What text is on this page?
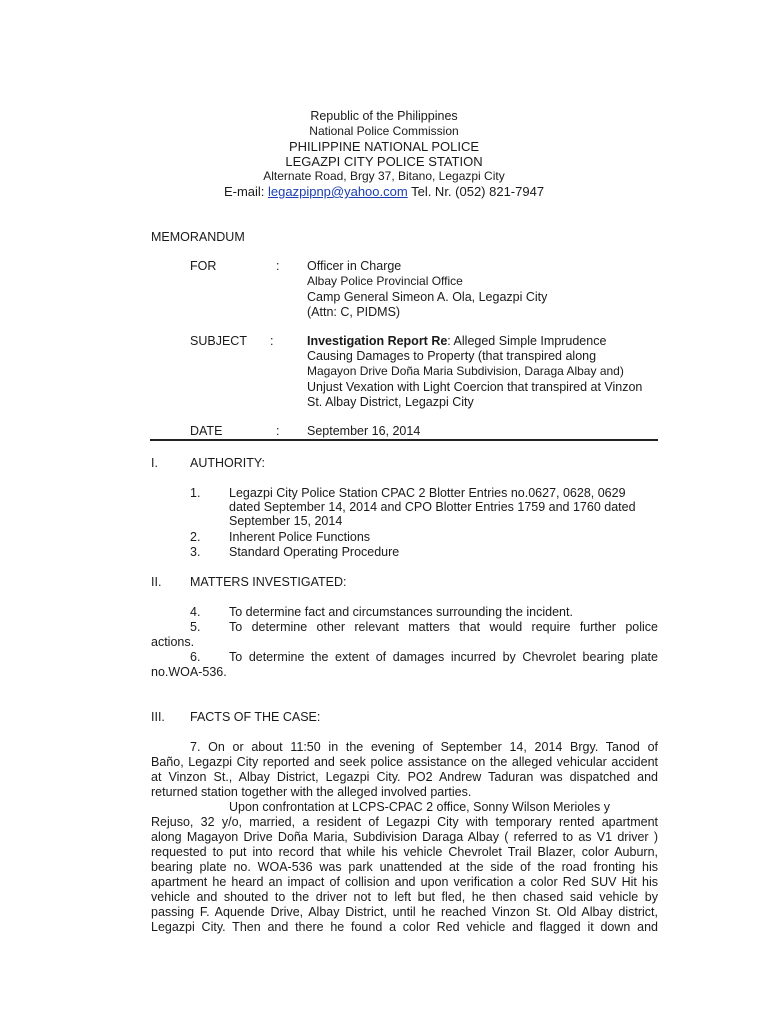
Republic of the Philippines
National Police Commission
PHILIPPINE NATIONAL POLICE
LEGAZPI CITY POLICE STATION
Alternate Road, Brgy 37, Bitano, Legazpi City
E-mail: legazpipnp@yahoo.com Tel. Nr. (052) 821-7947
MEMORANDUM
FOR	: Officer in Charge
Albay Police Provincial Office
Camp General Simeon A. Ola, Legazpi City
(Attn: C, PIDMS)
SUBJECT :	Investigation Report Re: Alleged Simple Imprudence
Causing Damages to Property (that transpired along
Magayon Drive Doña Maria Subdivision, Daraga Albay and)
Unjust Vexation with Light Coercion that transpired at Vinzon
St. Albay District, Legazpi City
DATE	: September 16, 2014
I.	AUTHORITY:
1. Legazpi City Police Station CPAC 2 Blotter Entries no.0627, 0628, 0629
dated September 14, 2014 and CPO Blotter Entries 1759 and 1760 dated
September 15, 2014
2. Inherent Police Functions
3. Standard Operating Procedure
II. MATTERS INVESTIGATED:
4. To determine fact and circumstances surrounding the incident.
5. To determine other relevant matters that would require further police
actions.
6. To determine the extent of damages incurred by Chevrolet bearing plate
no.WOA-536.
III. FACTS OF THE CASE:
7. On or about 11:50 in the evening of September 14, 2014 Brgy. Tanod of
Baño, Legazpi City reported and seek police assistance on the alleged vehicular accident
at Vinzon St., Albay District, Legazpi City. PO2 Andrew Taduran was dispatched and
returned station together with the alleged involved parties.
Upon confrontation at LCPS-CPAC 2 office, Sonny Wilson Merioles y
Rejuso, 32 y/o, married, a resident of Legazpi City with temporary rented apartment
along Magayon Drive Doña Maria, Subdivision Daraga Albay ( referred to as V1 driver )
requested to put into record that while his vehicle Chevrolet Trail Blazer, color Auburn,
bearing plate no. WOA-536 was park unattended at the side of the road fronting his
apartment he heard an impact of collision and upon verification a color Red SUV Hit his
vehicle and shouted to the driver not to left but fled, he then chased said vehicle by
passing F. Aquende Drive, Albay District, until he reached Vinzon St. Old Albay district,
Legazpi City. Then and there he found a color Red vehicle and flagged it down and
